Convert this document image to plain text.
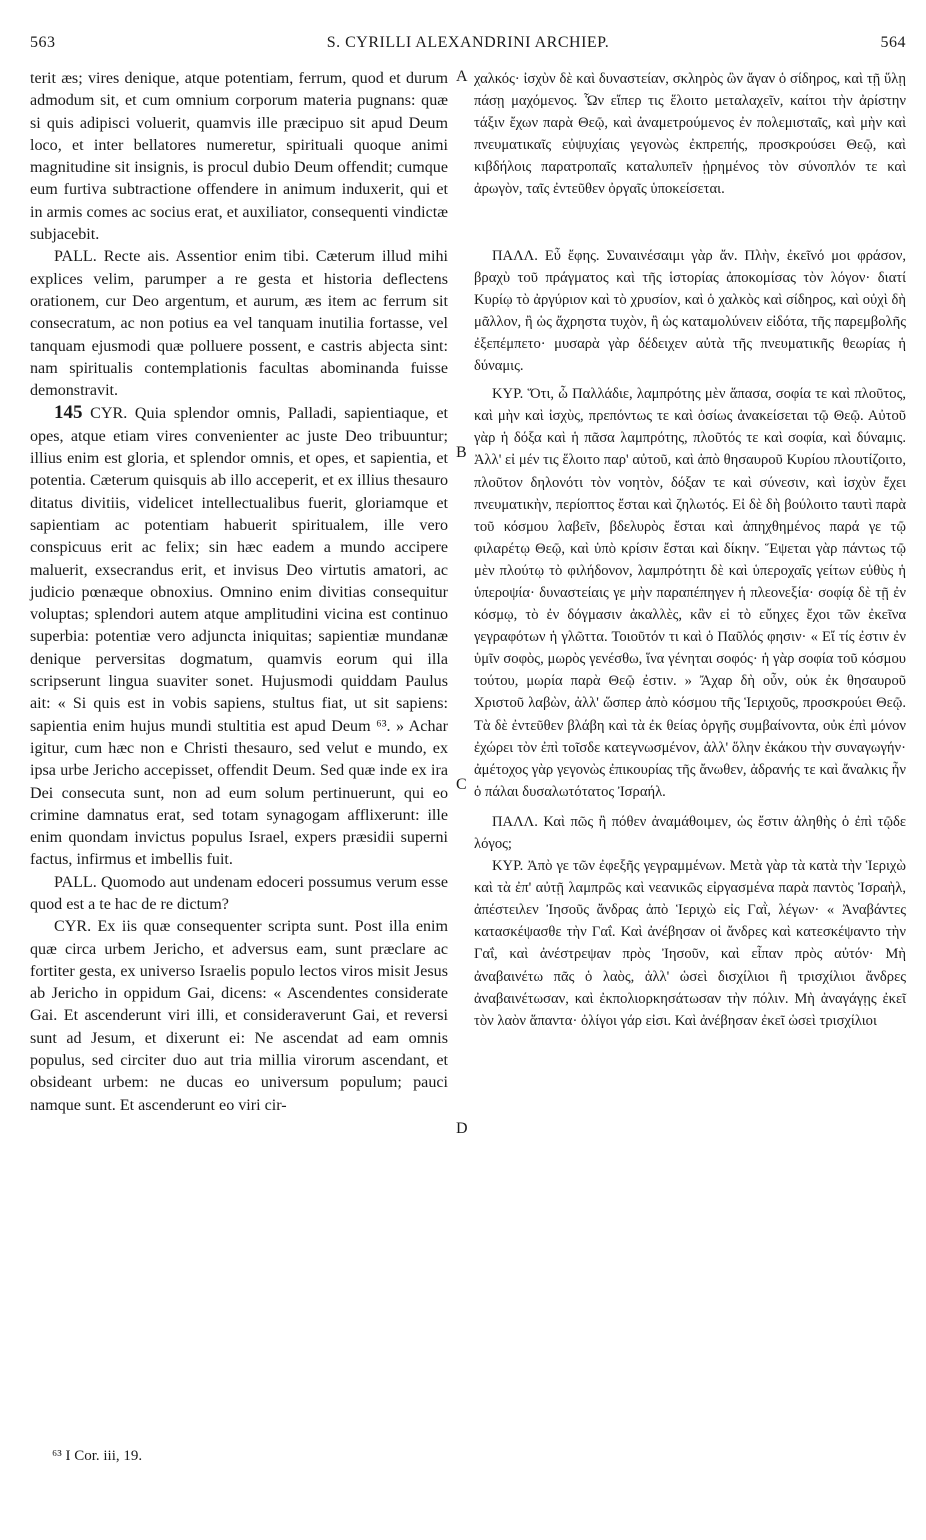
563	S. CYRILLI ALEXANDRINI ARCHIEP.	564

terit æs; vires denique, atque potentiam, ferrum, quod et durum admodum sit, et cum omnium corporum materia pugnans: quæ si quis adipisci voluerit, quamvis ille præcipuo sit apud Deum loco, et inter bellatores numeretur, spirituali quoque animi magnitudine sit insignis, is procul dubio Deum offendit; cumque eum furtiva subtractione offendere in animum induxerit, qui et in armis comes ac socius erat, et auxiliator, consequenti vindictæ subjacebit.

PALL. Recte ais. Assentior enim tibi. Cæterum illud mihi explices velim, parumper a re gesta et historia deflectens orationem, cur Deo argentum, et aurum, æs item ac ferrum sit consecratum, ac non potius ea vel tanquam inutilia fortasse, vel tanquam ejusmodi quæ polluere possent, e castris abjecta sint: nam spiritualis contemplationis facultas abominanda fuisse demonstravit.

145 CYR. Quia splendor omnis, Palladi, sapientiaque, et opes, atque etiam vires convenienter ac juste Deo tribuuntur; illius enim est gloria, et splendor omnis, et opes, et sapientia, et potentia. Cæterum quisquis ab illo acceperit, et ex illius thesauro ditatus divitiis, videlicet intellectualibus fuerit, gloriamque et sapientiam ac potentiam habuerit spiritualem, ille vero conspicuus erit ac felix; sin hæc eadem a mundo accipere maluerit, exsecrandus erit, et invisus Deo virtutis amatori, ac judicio pœnæque obnoxius. Omnino enim divitias consequitur voluptas; splendori autem atque amplitudini vicina est continuo superbia: potentiæ vero adjuncta iniquitas; sapientiæ mundanæ denique perversitas dogmatum, quamvis eorum qui illa scripserunt lingua suaviter sonet. Hujusmodi quiddam Paulus ait: « Si quis est in vobis sapiens, stultus fiat, ut sit sapiens: sapientia enim hujus mundi stultitia est apud Deum ⁶³. » Achar igitur, cum hæc non e Christi thesauro, sed velut e mundo, ex ipsa urbe Jericho accepisset, offendit Deum. Sed quæ inde ex ira Dei consecuta sunt, non ad eum solum pertinuerunt, qui eo crimine damnatus erat, sed totam synagogam afflixerunt: ille enim quondam invictus populus Israel, expers præsidii superni factus, infirmus et imbellis fuit.

PALL. Quomodo aut undenam edoceri possumus verum esse quod est a te hac de re dictum?

CYR. Ex iis quæ consequenter scripta sunt. Post illa enim quæ circa urbem Jericho, et adversus eam, sunt præclare ac fortiter gesta, ex universo Israelis populo lectos viros misit Jesus ab Jericho in oppidum Gai, dicens: « Ascendentes considerate Gai. Et ascenderunt viri illi, et consideraverunt Gai, et reversi sunt ad Jesum, et dixerunt ei: Ne ascendat ad eam omnis populus, sed circiter duo aut tria millia virorum ascendant, et obsideant urbem: ne ducas eo universum populum; pauci namque sunt. Et ascenderunt eo viri cir-

A
B
C
D

χαλκός· ἰσχὺν δὲ καὶ δυναστείαν, σκληρὸς ὢν ἄγαν ὁ σίδηρος, καὶ τῇ ὕλῃ πάσῃ μαχόμενος. Ὧν εἴπερ τις ἕλοιτο μεταλαχεῖν, καίτοι τὴν ἀρίστην τάξιν ἔχων παρὰ Θεῷ, καὶ ἀναμετρούμενος ἐν πολεμισταῖς, καὶ μὴν καὶ πνευματικαῖς εὐψυχίαις γεγονὼς ἐκπρεπής, προσκρούσει Θεῷ, καὶ κιβδήλοις παρατροπαῖς καταλυπεῖν ᾑρημένος τὸν σύνοπλόν τε καὶ ἀρωγὸν, ταῖς ἐντεῦθεν ὀργαῖς ὑποκείσεται.

ΠΑΛΛ. Εὖ ἔφης. Συναινέσαιμι γὰρ ἄν. Πλὴν, ἐκεῖνό μοι φράσον, βραχὺ τοῦ πράγματος καὶ τῆς ἱστορίας ἀποκομίσας τὸν λόγον· διατί Κυρίῳ τὸ ἀργύριον καὶ τὸ χρυσίον, καὶ ὁ χαλκὸς καὶ σίδηρος, καὶ οὐχὶ δὴ μᾶλλον, ἢ ὡς ἄχρηστα τυχὸν, ἢ ὡς καταμολύνειν εἰδότα, τῆς παρεμβολῆς ἐξεπέμπετο· μυσαρὰ γὰρ δέδειχεν αὐτὰ τῆς πνευματικῆς θεωρίας ἡ δύναμις.

ΚΥΡ. Ὅτι, ὦ Παλλάδιε, λαμπρότης μὲν ἅπασα, σοφία τε καὶ πλοῦτος, καὶ μὴν καὶ ἰσχὺς, πρεπόντως τε καὶ ὁσίως ἀνακείσεται τῷ Θεῷ. Αὐτοῦ γὰρ ἡ δόξα καὶ ἡ πᾶσα λαμπρότης, πλοῦτός τε καὶ σοφία, καὶ δύναμις. Ἀλλ' εἰ μέν τις ἕλοιτο παρ' αὐτοῦ, καὶ ἀπὸ θησαυροῦ Κυρίου πλουτίζοιτο, πλοῦτον δηλονότι τὸν νοητὸν, δόξαν τε καὶ σύνεσιν, καὶ ἰσχὺν ἔχει πνευματικὴν, περίοπτος ἔσται καὶ ζηλωτός. Εἰ δὲ δὴ βούλοιτο ταυτὶ παρὰ τοῦ κόσμου λαβεῖν, βδελυρὸς ἔσται καὶ ἀπηχθημένος παρά γε τῷ φιλαρέτῳ Θεῷ, καὶ ὑπὸ κρίσιν ἔσται καὶ δίκην. Ἕψεται γὰρ πάντως τῷ μὲν πλούτῳ τὸ φιλήδονον, λαμπρότητι δὲ καὶ ὑπεροχαῖς γείτων εὐθὺς ἡ ὑπεροψία· δυναστείαις γε μὴν παραπέπηγεν ἡ πλεονεξία· σοφίᾳ δὲ τῇ ἐν κόσμῳ, τὸ ἐν δόγμασιν ἀκαλλὲς, κἂν εἰ τὸ εὔηχες ἔχοι τῶν ἐκεῖνα γεγραφότων ἡ γλῶττα. Τοιοῦτόν τι καὶ ὁ Παῦλός φησιν· « Εἴ τίς ἐστιν ἐν ὑμῖν σοφὸς, μωρὸς γενέσθω, ἵνα γένηται σοφός· ἡ γὰρ σοφία τοῦ κόσμου τούτου, μωρία παρὰ Θεῷ ἐστιν. » Ἄχαρ δὴ οὖν, οὐκ ἐκ θησαυροῦ Χριστοῦ λαβὼν, ἀλλ' ὥσπερ ἀπὸ κόσμου τῆς Ἱεριχοῦς, προσκρούει Θεῷ. Τὰ δὲ ἐντεῦθεν βλάβη καὶ τὰ ἐκ θείας ὀργῆς συμβαίνοντα, οὐκ ἐπὶ μόνον ἐχώρει τὸν ἐπὶ τοῖσδε κατεγνωσμένον, ἀλλ' ὅλην ἐκάκου τὴν συναγωγήν· ἀμέτοχος γὰρ γεγονὼς ἐπικουρίας τῆς ἄνωθεν, ἀδρανής τε καὶ ἄναλκις ἦν ὁ πάλαι δυσαλωτότατος Ἰσραήλ.

ΠΑΛΛ. Καὶ πῶς ἢ πόθεν ἀναμάθοιμεν, ὡς ἔστιν ἀληθὴς ὁ ἐπὶ τῷδε λόγος;

ΚΥΡ. Ἀπὸ γε τῶν ἐφεξῆς γεγραμμένων. Μετὰ γὰρ τὰ κατὰ τὴν Ἱεριχὼ καὶ τὰ ἐπ' αὐτῇ λαμπρῶς καὶ νεανικῶς εἰργασμένα παρὰ παντὸς Ἰσραὴλ, ἀπέστειλεν Ἰησοῦς ἄνδρας ἀπὸ Ἱεριχὼ εἰς Γαῒ, λέγων· « Ἀναβάντες κατασκέψασθε τὴν Γαΐ. Καὶ ἀνέβησαν οἱ ἄνδρες καὶ κατεσκέψαντο τὴν Γαΐ, καὶ ἀνέστρεψαν πρὸς Ἰησοῦν, καὶ εἶπαν πρὸς αὐτόν· Μὴ ἀναβαινέτω πᾶς ὁ λαὸς, ἀλλ' ὡσεὶ δισχίλιοι ἢ τρισχίλιοι ἄνδρες ἀναβαινέτωσαν, καὶ ἐκπολιορκησάτωσαν τὴν πόλιν. Μὴ ἀναγάγῃς ἐκεῖ τὸν λαὸν ἅπαντα· ὀλίγοι γάρ εἰσι. Καὶ ἀνέβησαν ἐκεῖ ὡσεὶ τρισχίλιοι

⁶³ I Cor. iii, 19.
